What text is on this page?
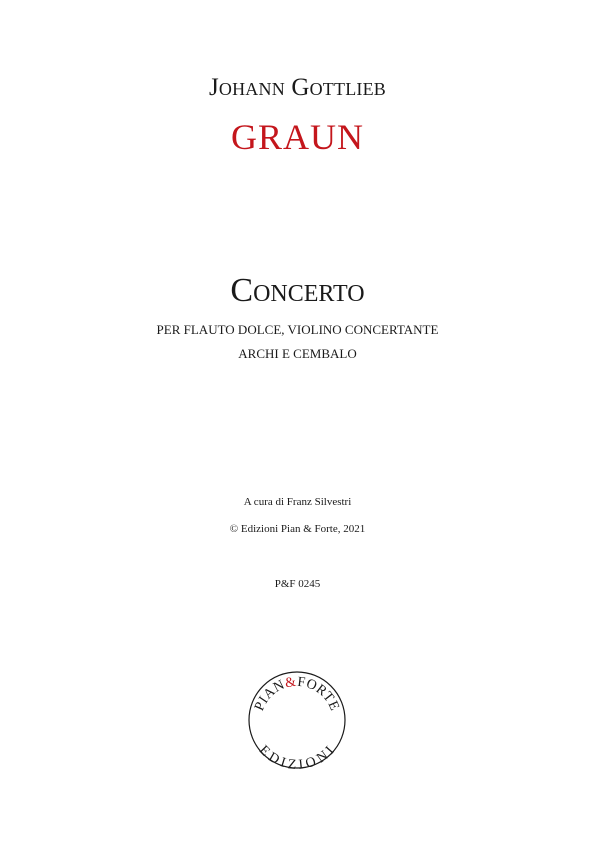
Johann Gottlieb
GRAUN
Concerto
PER FLAUTO DOLCE, VIOLINO CONCERTANTE
ARCHI E CEMBALO
A cura di Franz Silvestri
© Edizioni Pian & Forte, 2021
P&F 0245
PIAN&FORTE
EDIZIONI
